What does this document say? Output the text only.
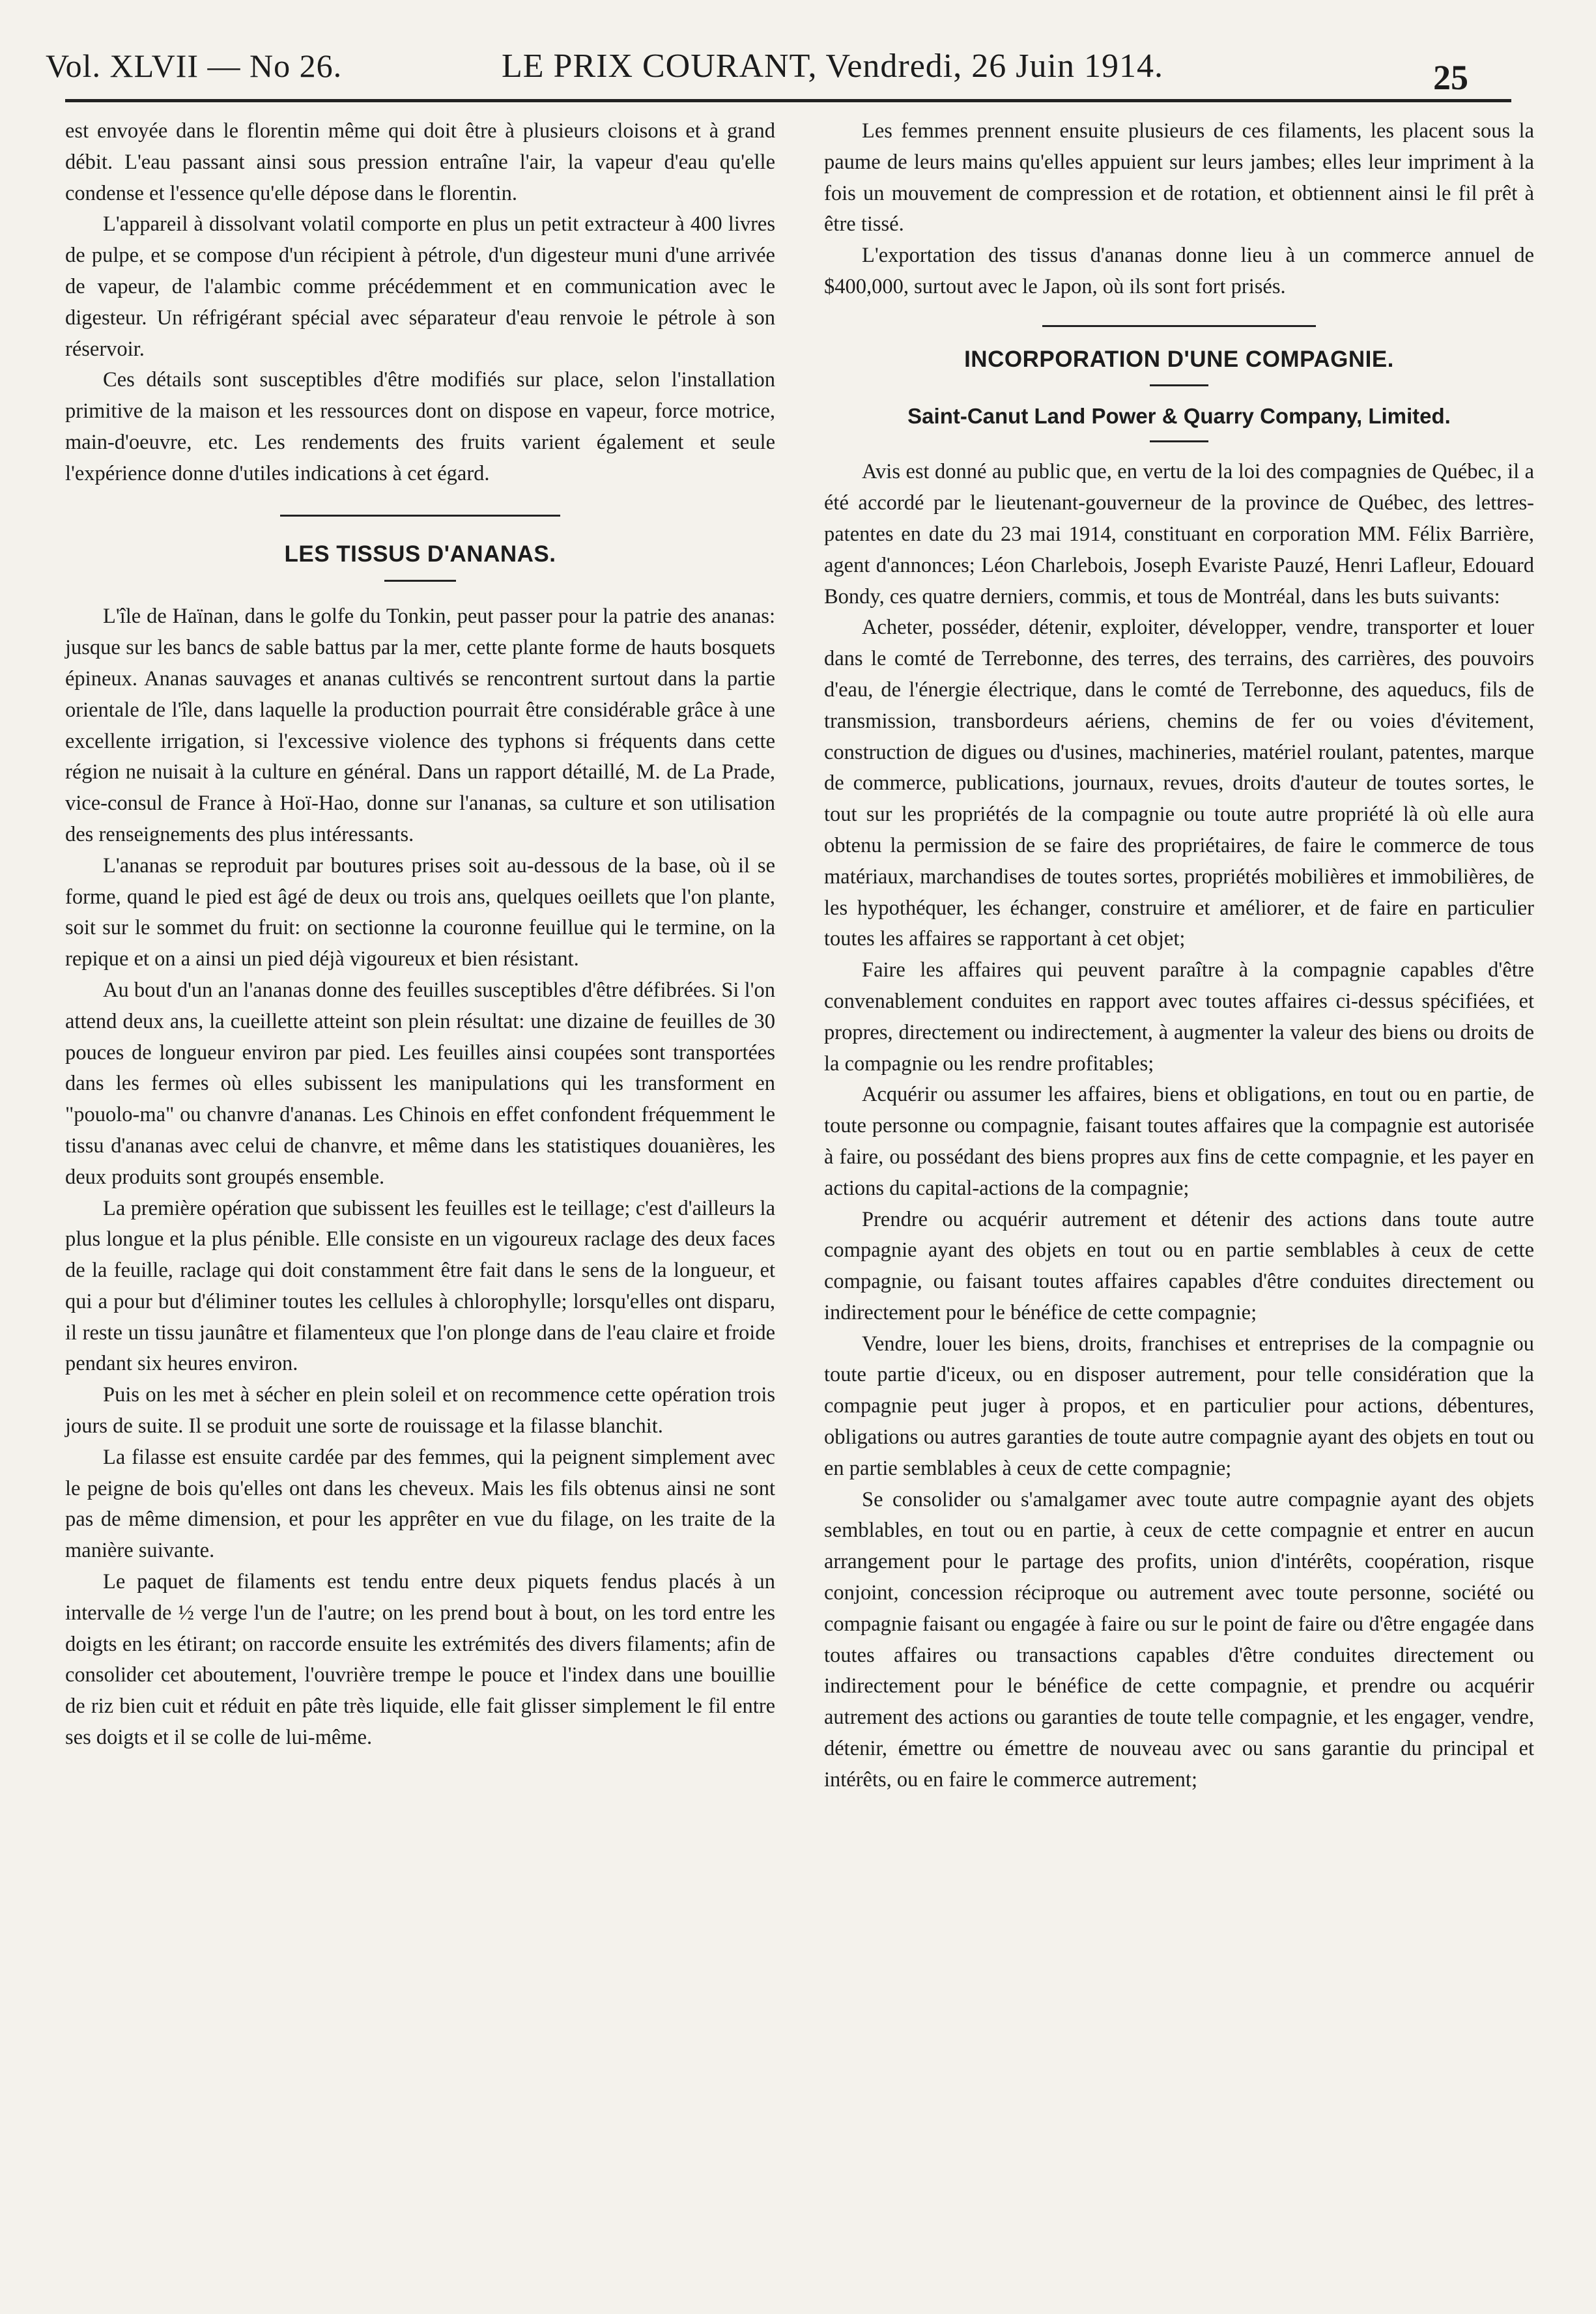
Vol. XLVII — No 26.	LE PRIX COURANT, Vendredi, 26 Juin 1914.	25

est envoyée dans le florentin même qui doit être à plusieurs cloisons et à grand débit. L'eau passant ainsi sous pression entraîne l'air, la vapeur d'eau qu'elle condense et l'essence qu'elle dépose dans le florentin.

L'appareil à dissolvant volatil comporte en plus un petit extracteur à 400 livres de pulpe, et se compose d'un récipient à pétrole, d'un digesteur muni d'une arrivée de vapeur, de l'alambic comme précédemment et en communication avec le digesteur. Un réfrigérant spécial avec séparateur d'eau renvoie le pétrole à son réservoir.

Ces détails sont susceptibles d'être modifiés sur place, selon l'installation primitive de la maison et les ressources dont on dispose en vapeur, force motrice, main-d'oeuvre, etc. Les rendements des fruits varient également et seule l'expérience donne d'utiles indications à cet égard.

LES TISSUS D'ANANAS.

L'île de Haïnan, dans le golfe du Tonkin, peut passer pour la patrie des ananas: jusque sur les bancs de sable battus par la mer, cette plante forme de hauts bosquets épineux. Ananas sauvages et ananas cultivés se rencontrent surtout dans la partie orientale de l'île, dans laquelle la production pourrait être considérable grâce à une excellente irrigation, si l'excessive violence des typhons si fréquents dans cette région ne nuisait à la culture en général. Dans un rapport détaillé, M. de La Prade, vice-consul de France à Hoï-Hao, donne sur l'ananas, sa culture et son utilisation des renseignements des plus intéressants.

L'ananas se reproduit par boutures prises soit au-dessous de la base, où il se forme, quand le pied est âgé de deux ou trois ans, quelques oeillets que l'on plante, soit sur le sommet du fruit: on sectionne la couronne feuillue qui le termine, on la repique et on a ainsi un pied déjà vigoureux et bien résistant.

Au bout d'un an l'ananas donne des feuilles susceptibles d'être défibrées. Si l'on attend deux ans, la cueillette atteint son plein résultat: une dizaine de feuilles de 30 pouces de longueur environ par pied. Les feuilles ainsi coupées sont transportées dans les fermes où elles subissent les manipulations qui les transforment en "pouolo-ma" ou chanvre d'ananas. Les Chinois en effet confondent fréquemment le tissu d'ananas avec celui de chanvre, et même dans les statistiques douanières, les deux produits sont groupés ensemble.

La première opération que subissent les feuilles est le teillage; c'est d'ailleurs la plus longue et la plus pénible. Elle consiste en un vigoureux raclage des deux faces de la feuille, raclage qui doit constamment être fait dans le sens de la longueur, et qui a pour but d'éliminer toutes les cellules à chlorophylle; lorsqu'elles ont disparu, il reste un tissu jaunâtre et filamenteux que l'on plonge dans de l'eau claire et froide pendant six heures environ.

Puis on les met à sécher en plein soleil et on recommence cette opération trois jours de suite. Il se produit une sorte de rouissage et la filasse blanchit.

La filasse est ensuite cardée par des femmes, qui la peignent simplement avec le peigne de bois qu'elles ont dans les cheveux. Mais les fils obtenus ainsi ne sont pas de même dimension, et pour les apprêter en vue du filage, on les traite de la manière suivante.

Le paquet de filaments est tendu entre deux piquets fendus placés à un intervalle de ½ verge l'un de l'autre; on les prend bout à bout, on les tord entre les doigts en les étirant; on raccorde ensuite les extrémités des divers filaments; afin de consolider cet aboutement, l'ouvrière trempe le pouce et l'index dans une bouillie de riz bien cuit et réduit en pâte très liquide, elle fait glisser simplement le fil entre ses doigts et il se colle de lui-même.

Les femmes prennent ensuite plusieurs de ces filaments, les placent sous la paume de leurs mains qu'elles appuient sur leurs jambes; elles leur impriment à la fois un mouvement de compression et de rotation, et obtiennent ainsi le fil prêt à être tissé.

L'exportation des tissus d'ananas donne lieu à un commerce annuel de $400,000, surtout avec le Japon, où ils sont fort prisés.

INCORPORATION D'UNE COMPAGNIE.
Saint-Canut Land Power & Quarry Company, Limited.

Avis est donné au public que, en vertu de la loi des compagnies de Québec, il a été accordé par le lieutenant-gouverneur de la province de Québec, des lettres-patentes en date du 23 mai 1914, constituant en corporation MM. Félix Barrière, agent d'annonces; Léon Charlebois, Joseph Evariste Pauzé, Henri Lafleur, Edouard Bondy, ces quatre derniers, commis, et tous de Montréal, dans les buts suivants:

Acheter, posséder, détenir, exploiter, développer, vendre, transporter et louer dans le comté de Terrebonne, des terres, des terrains, des carrières, des pouvoirs d'eau, de l'énergie électrique, dans le comté de Terrebonne, des aqueducs, fils de transmission, transbordeurs aériens, chemins de fer ou voies d'évitement, construction de digues ou d'usines, machineries, matériel roulant, patentes, marque de commerce, publications, journaux, revues, droits d'auteur de toutes sortes, le tout sur les propriétés de la compagnie ou toute autre propriété là où elle aura obtenu la permission de se faire des propriétaires, de faire le commerce de tous matériaux, marchandises de toutes sortes, propriétés mobilières et immobilières, de les hypothéquer, les échanger, construire et améliorer, et de faire en particulier toutes les affaires se rapportant à cet objet;

Faire les affaires qui peuvent paraître à la compagnie capables d'être convenablement conduites en rapport avec toutes affaires ci-dessus spécifiées, et propres, directement ou indirectement, à augmenter la valeur des biens ou droits de la compagnie ou les rendre profitables;

Acquérir ou assumer les affaires, biens et obligations, en tout ou en partie, de toute personne ou compagnie, faisant toutes affaires que la compagnie est autorisée à faire, ou possédant des biens propres aux fins de cette compagnie, et les payer en actions du capital-actions de la compagnie;

Prendre ou acquérir autrement et détenir des actions dans toute autre compagnie ayant des objets en tout ou en partie semblables à ceux de cette compagnie, ou faisant toutes affaires capables d'être conduites directement ou indirectement pour le bénéfice de cette compagnie;

Vendre, louer les biens, droits, franchises et entreprises de la compagnie ou toute partie d'iceux, ou en disposer autrement, pour telle considération que la compagnie peut juger à propos, et en particulier pour actions, débentures, obligations ou autres garanties de toute autre compagnie ayant des objets en tout ou en partie semblables à ceux de cette compagnie;

Se consolider ou s'amalgamer avec toute autre compagnie ayant des objets semblables, en tout ou en partie, à ceux de cette compagnie et entrer en aucun arrangement pour le partage des profits, union d'intérêts, coopération, risque conjoint, concession réciproque ou autrement avec toute personne, société ou compagnie faisant ou engagée à faire ou sur le point de faire ou d'être engagée dans toutes affaires ou transactions capables d'être conduites directement ou indirectement pour le bénéfice de cette compagnie, et prendre ou acquérir autrement des actions ou garanties de toute telle compagnie, et les engager, vendre, détenir, émettre ou émettre de nouveau avec ou sans garantie du principal et intérêts, ou en faire le commerce autrement;
